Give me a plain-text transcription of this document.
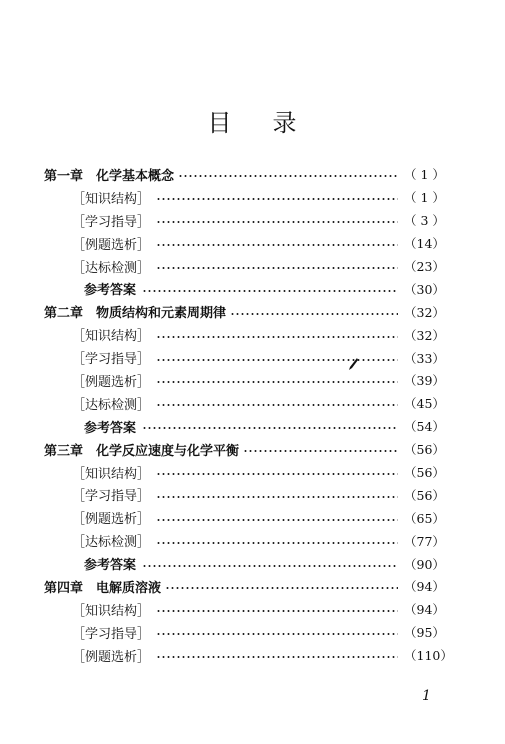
目 录
第一章　化学基本概念	（ 1 ）
［知识结构］	（ 1 ）
［学习指导］	（ 3 ）
［例题选析］	（14）
［达标检测］	（23）
参考答案	（30）
第二章　物质结构和元素周期律	（32）
［知识结构］	（32）
［学习指导］	（33）
［例题选析］	（39）
［达标检测］	（45）
参考答案	（54）
第三章　化学反应速度与化学平衡	（56）
［知识结构］	（56）
［学习指导］	（56）
［例题选析］	（65）
［达标检测］	（77）
参考答案	（90）
第四章　电解质溶液	（94）
［知识结构］	（94）
［学习指导］	（95）
［例题选析］	（110）
1
